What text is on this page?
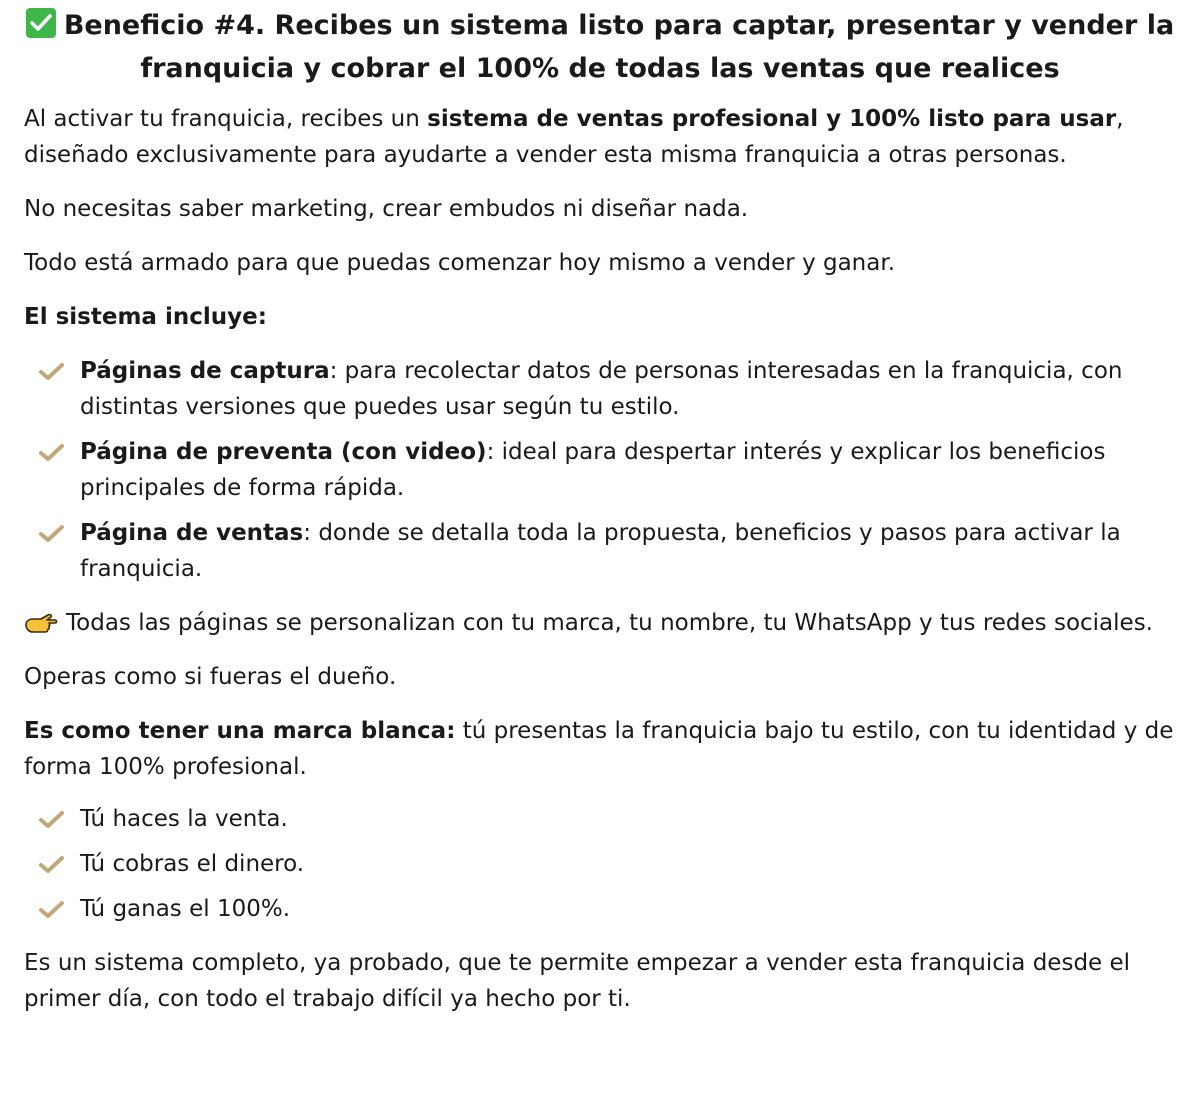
Beneficio #4. Recibes un sistema listo para captar, presentar y vender la franquicia y cobrar el 100% de todas las ventas que realices

Al activar tu franquicia, recibes un sistema de ventas profesional y 100% listo para usar, diseñado exclusivamente para ayudarte a vender esta misma franquicia a otras personas.

No necesitas saber marketing, crear embudos ni diseñar nada.

Todo está armado para que puedas comenzar hoy mismo a vender y ganar.

El sistema incluye:

Páginas de captura: para recolectar datos de personas interesadas en la franquicia, con distintas versiones que puedes usar según tu estilo.
Página de preventa (con video): ideal para despertar interés y explicar los beneficios principales de forma rápida.
Página de ventas: donde se detalla toda la propuesta, beneficios y pasos para activar la franquicia.

Todas las páginas se personalizan con tu marca, tu nombre, tu WhatsApp y tus redes sociales.

Operas como si fueras el dueño.

Es como tener una marca blanca: tú presentas la franquicia bajo tu estilo, con tu identidad y de forma 100% profesional.

Tú haces la venta.
Tú cobras el dinero.
Tú ganas el 100%.

Es un sistema completo, ya probado, que te permite empezar a vender esta franquicia desde el primer día, con todo el trabajo difícil ya hecho por ti.
